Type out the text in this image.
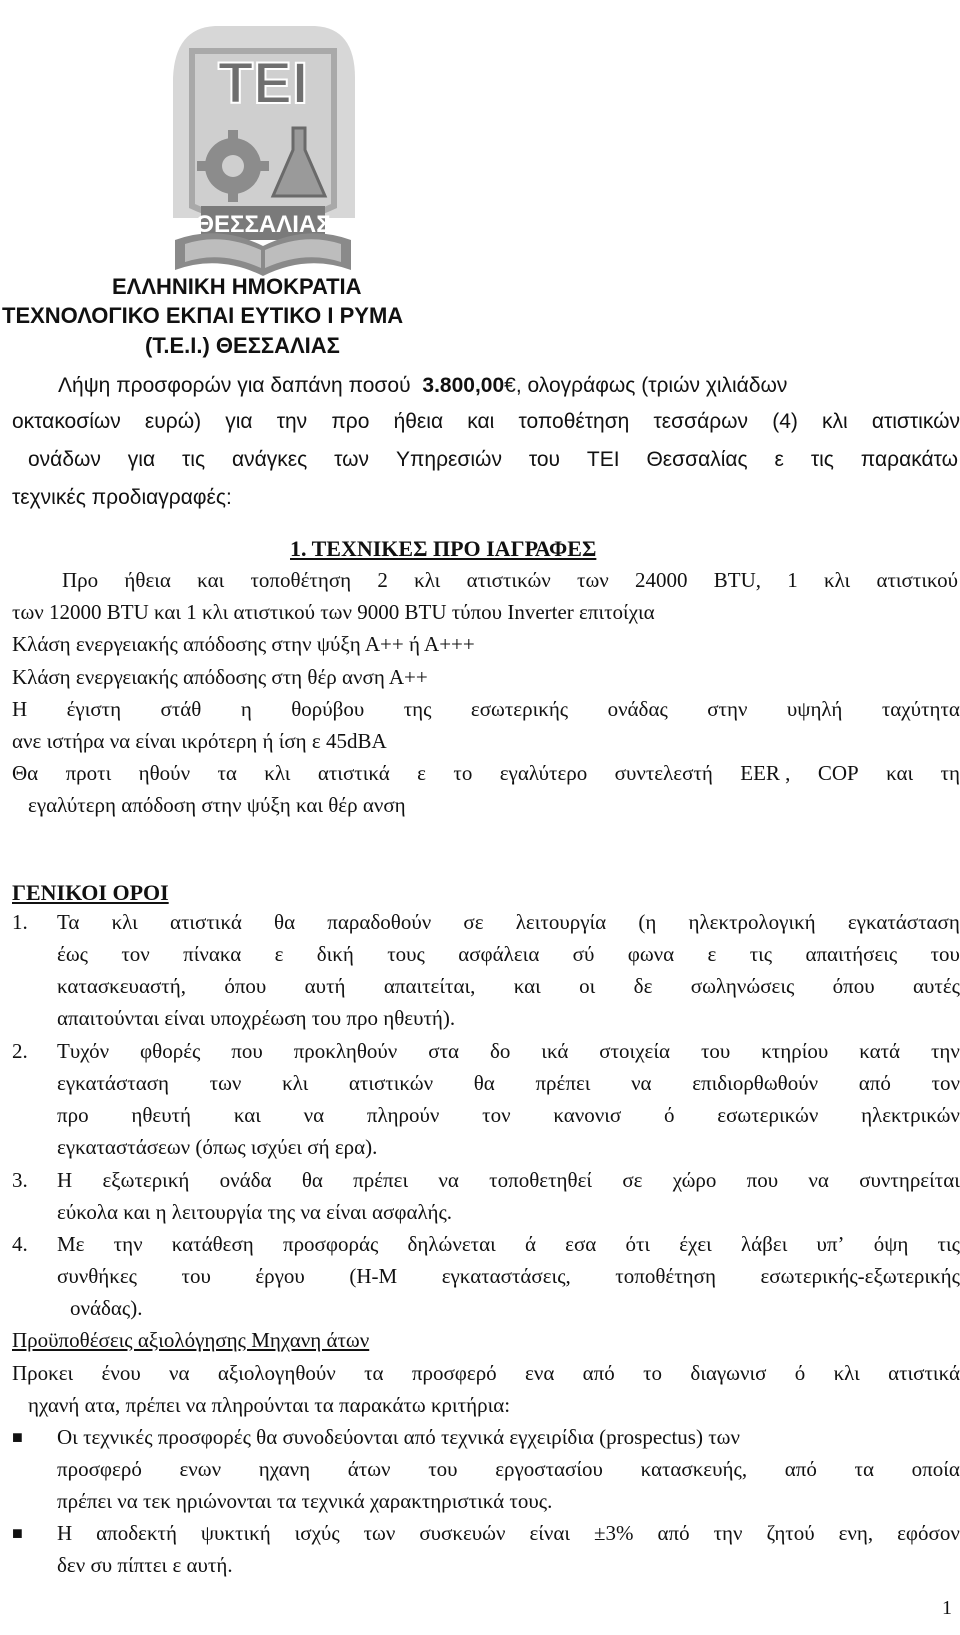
ΤΕΙ
ΘΕΣΣΑΛΙΑΣ
ΕΛΛΗΝΙΚΗ ΗΜΟΚΡΑΤΙΑ
ΤΕΧΝΟΛΟΓΙΚΟ ΕΚΠΑΙ ΕΥΤΙΚΟ Ι ΡΥΜΑ
(Τ.Ε.Ι.) ΘΕΣΣΑΛΙΑΣ
Λήψη προσφορών για δαπάνη ποσού 3.800,00€, ολογράφως (τριών χιλιάδων
οκτακοσίων ευρώ) για την προ ήθεια και τοποθέτηση τεσσάρων (4) κλι ατιστικών
ονάδων για τις ανάγκες των Υπηρεσιών του ΤΕΙ Θεσσαλίας ε τις παρακάτω
τεχνικές προδιαγραφές:
1. ΤΕΧΝΙΚΕΣ ΠΡΟ ΙΑΓΡΑΦΕΣ
Προ ήθεια και τοποθέτηση 2 κλι ατιστικών των 24000 BTU, 1 κλι ατιστικού
των 12000 BTU και 1 κλι ατιστικού των 9000 BTU τύπου Inverter επιτοίχια
Κλάση ενεργειακής απόδοσης στην ψύξη Α++ ή Α+++
Κλάση ενεργειακής απόδοσης στη θέρ ανση Α++
Η έγιστη στάθ η θορύβου της εσωτερικής ονάδας στην υψηλή ταχύτητα
ανε ιστήρα να είναι ικρότερη ή ίση ε 45dBA
Θα προτι ηθούν τα κλι ατιστικά ε το εγαλύτερο συντελεστή EER , COP και τη
εγαλύτερη απόδοση στην ψύξη και θέρ ανση
ΓΕΝΙΚΟΙ ΟΡΟΙ
1. Τα κλι ατιστικά θα παραδοθούν σε λειτουργία (η ηλεκτρολογική εγκατάσταση
έως τον πίνακα ε δική τους ασφάλεια σύ φωνα ε τις απαιτήσεις του
κατασκευαστή, όπου αυτή απαιτείται, και οι δε σωληνώσεις όπου αυτές
απαιτούνται είναι υποχρέωση του προ ηθευτή).
2. Τυχόν φθορές που προκληθούν στα δο ικά στοιχεία του κτηρίου κατά την
εγκατάσταση των κλι ατιστικών θα πρέπει να επιδιορθωθούν από τον
προ ηθευτή και να πληρούν τον κανονισ ό εσωτερικών ηλεκτρικών
εγκαταστάσεων (όπως ισχύει σή ερα).
3. Η εξωτερική ονάδα θα πρέπει να τοποθετηθεί σε χώρο που να συντηρείται
εύκολα και η λειτουργία της να είναι ασφαλής.
4. Με την κατάθεση προσφοράς δηλώνεται ά εσα ότι έχει λάβει υπ’ όψη τις
συνθήκες του έργου (Η-Μ εγκαταστάσεις, τοποθέτηση εσωτερικής-εξωτερικής
ονάδας).
Προϋποθέσεις αξιολόγησης Μηχανη άτων
Προκει ένου να αξιολογηθούν τα προσφερό ενα από το διαγωνισ ό κλι ατιστικά
ηχανή ατα, πρέπει να πληρούνται τα παρακάτω κριτήρια:
■ Οι τεχνικές προσφορές θα συνοδεύονται από τεχνικά εγχειρίδια (prospectus) των
προσφερό ενων ηχανη άτων του εργοστασίου κατασκευής, από τα οποία
πρέπει να τεκ ηριώνονται τα τεχνικά χαρακτηριστικά τους.
■ Η αποδεκτή ψυκτική ισχύς των συσκευών είναι ±3% από την ζητού ενη, εφόσον
δεν συ πίπτει ε αυτή.
1
